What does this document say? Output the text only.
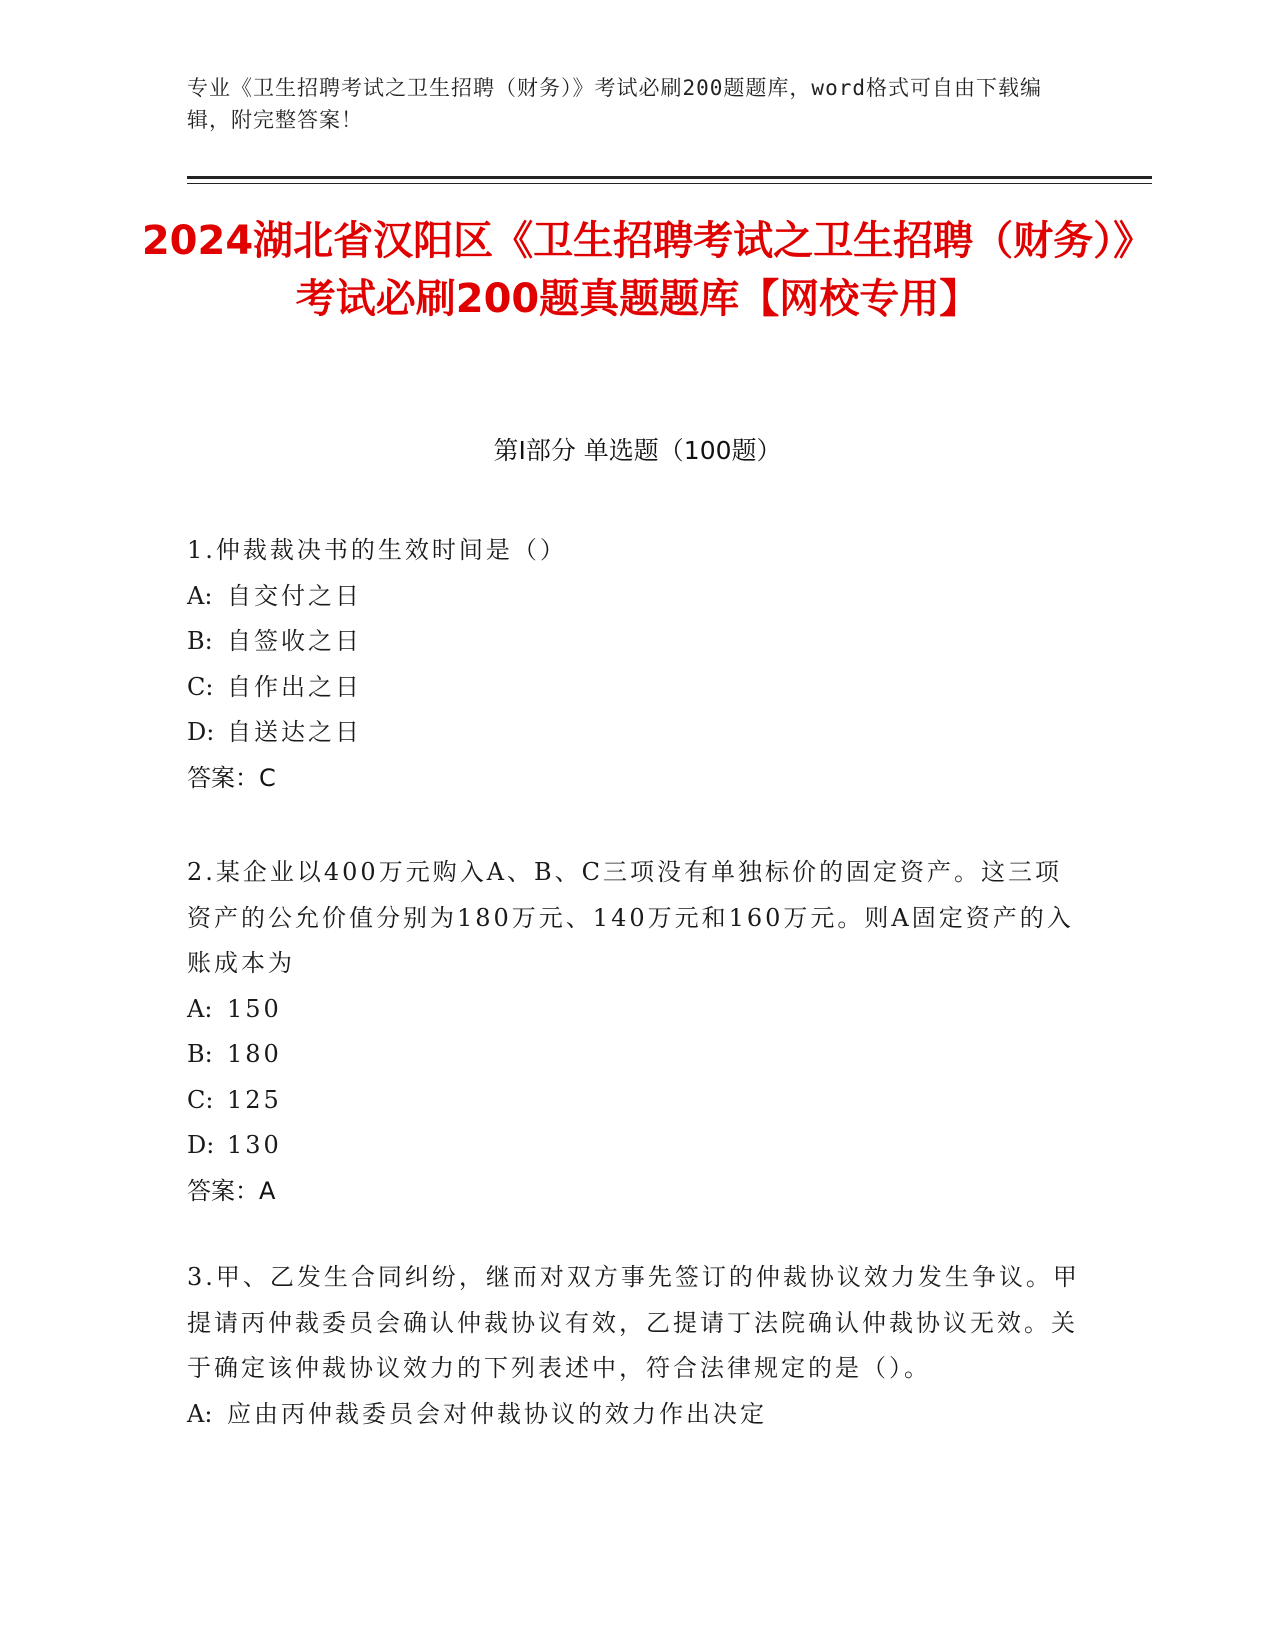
专业《卫生招聘考试之卫生招聘（财务）》考试必刷200题题库，word格式可自由下载编辑，附完整答案！
2024湖北省汉阳区《卫生招聘考试之卫生招聘（财务）》考试必刷200题真题题库【网校专用】
第I部分 单选题（100题）
1.仲裁裁决书的生效时间是（）
A: 自交付之日
B: 自签收之日
C: 自作出之日
D: 自送达之日
答案：C
2.某企业以400万元购入A、B、C三项没有单独标价的固定资产。这三项资产的公允价值分别为180万元、140万元和160万元。则A固定资产的入账成本为
A: 150
B: 180
C: 125
D: 130
答案：A
3.甲、乙发生合同纠纷，继而对双方事先签订的仲裁协议效力发生争议。甲提请丙仲裁委员会确认仲裁协议有效，乙提请丁法院确认仲裁协议无效。关于确定该仲裁协议效力的下列表述中，符合法律规定的是（）。
A: 应由丙仲裁委员会对仲裁协议的效力作出决定
